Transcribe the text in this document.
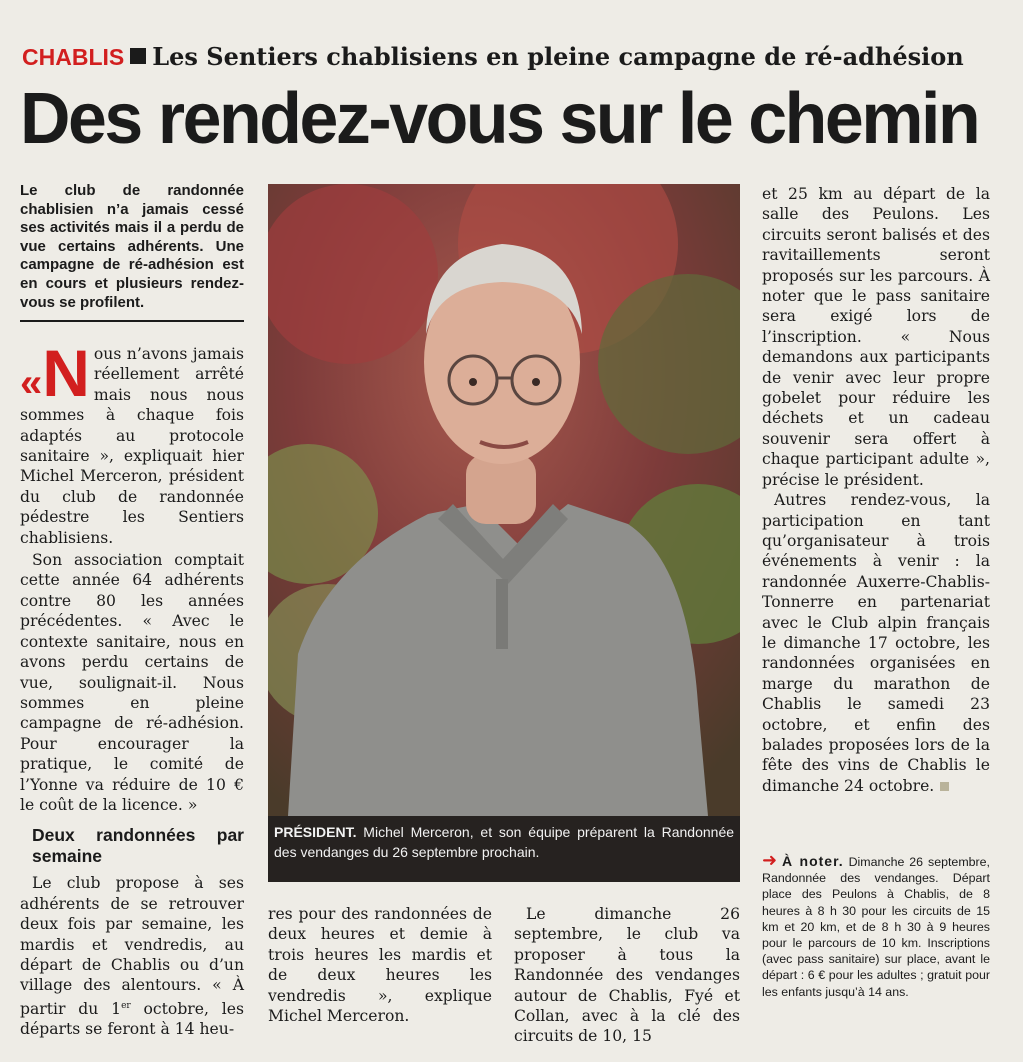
CHABLIS Les Sentiers chablisiens en pleine campagne de ré-adhésion
Des rendez-vous sur le chemin
Le club de randonnée chablisien n’a jamais cessé ses activités mais il a perdu de vue certains adhérents. Une campagne de ré-adhésion est en cours et plusieurs rendez-vous se profilent.

«N ous n’avons jamais réellement arrêté mais nous nous sommes à chaque fois adaptés au protocole sanitaire », expliquait hier Michel Merceron, président du club de randonnée pédestre les Sentiers chablisiens.

Son association comptait cette année 64 adhérents contre 80 les années précédentes. « Avec le contexte sanitaire, nous en avons perdu certains de vue, soulignait-il. Nous sommes en pleine campagne de ré-adhésion. Pour encourager la pratique, le comité de l’Yonne va réduire de 10 € le coût de la licence. »

Deux randonnées par semaine

Le club propose à ses adhérents de se retrouver deux fois par semaine, les mardis et vendredis, au départ de Chablis ou d’un village des alentours. « À partir du 1er octobre, les départs se feront à 14 heu-

PRÉSIDENT. Michel Merceron, et son équipe préparent la Randonnée des vendanges du 26 septembre prochain.

res pour des randonnées de deux heures et demie à trois heures les mardis et de deux heures les vendredis », explique Michel Merceron.

Le dimanche 26 septembre, le club va proposer à tous la Randonnée des vendanges autour de Chablis, Fyé et Collan, avec à la clé des circuits de 10, 15

et 25 km au départ de la salle des Peulons. Les circuits seront balisés et des ravitaillements seront proposés sur les parcours. À noter que le pass sanitaire sera exigé lors de l’inscription. « Nous demandons aux participants de venir avec leur propre gobelet pour réduire les déchets et un cadeau souvenir sera offert à chaque participant adulte », précise le président.

Autres rendez-vous, la participation en tant qu’organisateur à trois événements à venir : la randonnée Auxerre-Chablis-Tonnerre en partenariat avec le Club alpin français le dimanche 17 octobre, les randonnées organisées en marge du marathon de Chablis le samedi 23 octobre, et enfin des balades proposées lors de la fête des vins de Chablis le dimanche 24 octobre.

➜ À noter. Dimanche 26 septembre, Randonnée des vendanges. Départ place des Peulons à Chablis, de 8 heures à 8 h 30 pour les circuits de 15 km et 20 km, et de 8 h 30 à 9 heures pour le parcours de 10 km. Inscriptions (avec pass sanitaire) sur place, avant le départ : 6 € pour les adultes ; gratuit pour les enfants jusqu’à 14 ans.
